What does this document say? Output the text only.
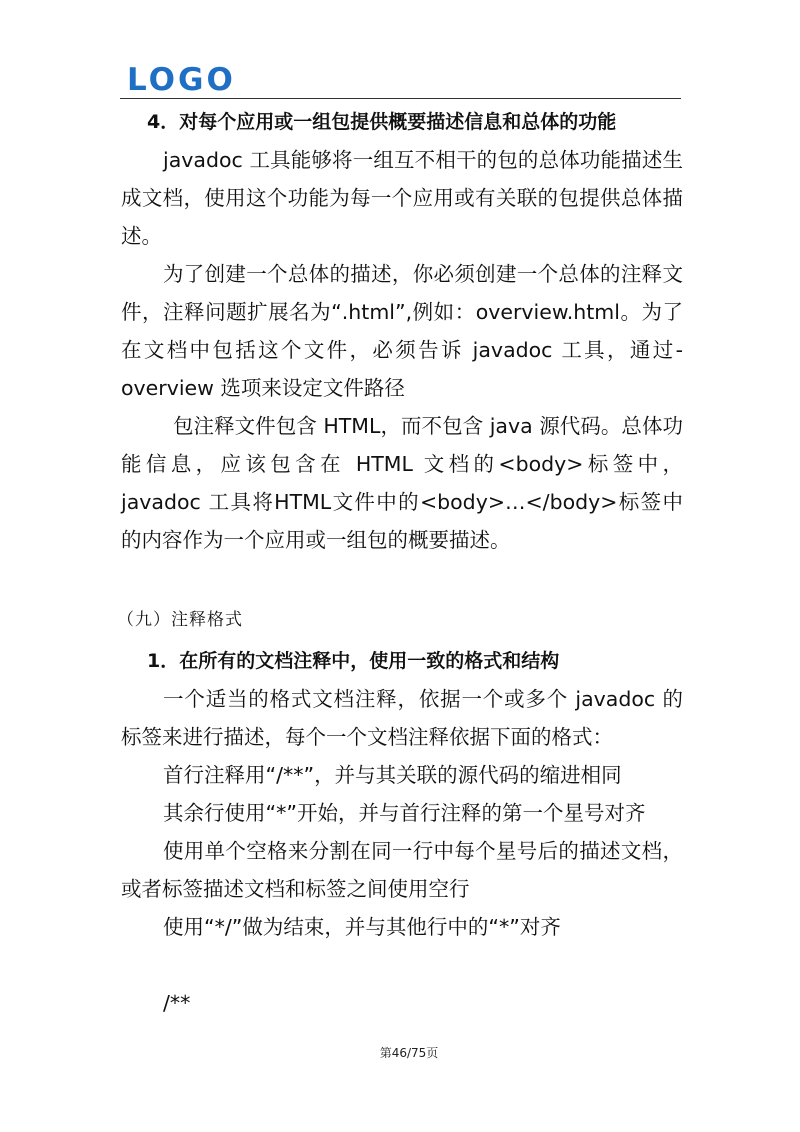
LOGO

4．对每个应用或一组包提供概要描述信息和总体的功能

javadoc 工具能够将一组互不相干的包的总体功能描述生成文档，使用这个功能为每一个应用或有关联的包提供总体描述。

为了创建一个总体的描述，你必须创建一个总体的注释文件，注释问题扩展名为“.html”,例如：overview.html。为了在文档中包括这个文件，必须告诉 javadoc 工具，通过-overview 选项来设定文件路径

包注释文件包含 HTML，而不包含 java 源代码。总体功能信息，应该包含在 HTML 文档的<body>标签中，javadoc 工具将HTML文件中的<body>…</body>标签中的内容作为一个应用或一组包的概要描述。

（九）注释格式

1．在所有的文档注释中，使用一致的格式和结构

一个适当的格式文档注释，依据一个或多个 javadoc 的标签来进行描述，每个一个文档注释依据下面的格式：

首行注释用“/**”，并与其关联的源代码的缩进相同

其余行使用“*”开始，并与首行注释的第一个星号对齐

使用单个空格来分割在同一行中每个星号后的描述文档，或者标签描述文档和标签之间使用空行

使用“*/”做为结束，并与其他行中的“*”对齐

/**

第46/75页
